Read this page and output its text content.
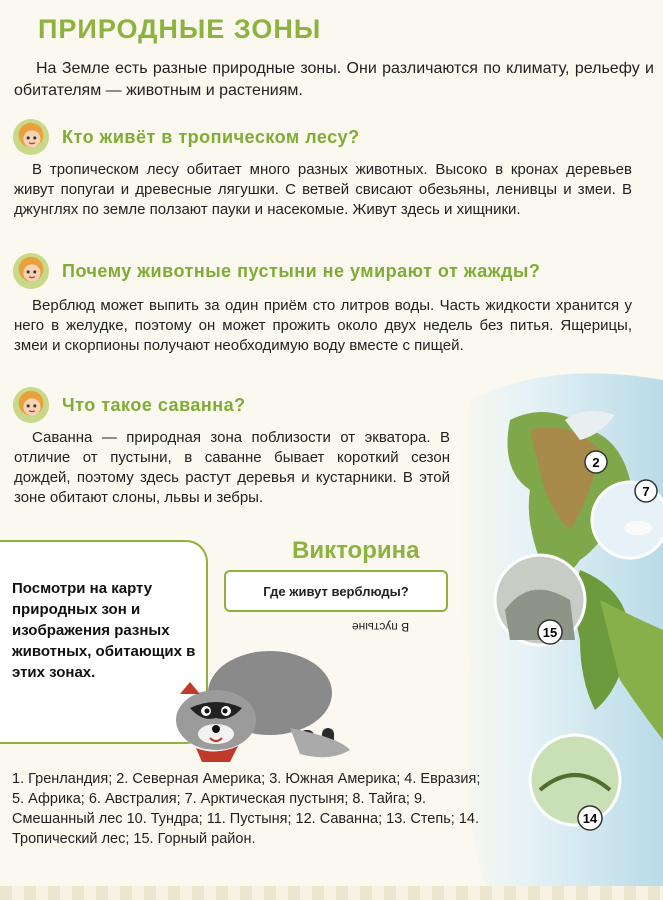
ПРИРОДНЫЕ ЗОНЫ
На Земле есть разные природные зоны. Они различаются по климату, рельефу и обитателям — животным и растениям.
Кто живёт в тропическом лесу?
В тропическом лесу обитает много разных животных. Высоко в кронах деревьев живут попугаи и древесные лягушки. С ветвей свисают обезьяны, ленивцы и змеи. В джунглях по земле ползают пауки и насекомые. Живут здесь и хищники.
Почему животные пустыни не умирают от жажды?
Верблюд может выпить за один приём сто литров воды. Часть жидкости хранится у него в желудке, поэтому он может прожить около двух недель без питья. Ящерицы, змеи и скорпионы получают необходимую воду вместе с пищей.
Что такое саванна?
Саванна — природная зона поблизости от экватора. В отличие от пустыни, в саванне бывает короткий сезон дождей, поэтому здесь растут деревья и кустарники. В этой зоне обитают слоны, львы и зебры.
2
7
15
14
Посмотри на карту природных зон и изображения разных животных, обитающих в этих зонах.
Викторина
Где живут верблюды?
В пустыне
1. Гренландия; 2. Северная Америка; 3. Южная Америка; 4. Евразия; 5. Африка; 6. Австралия; 7. Арктическая пустыня; 8. Тайга; 9. Смешанный лес 10. Тундра; 11. Пустыня; 12. Саванна; 13. Степь; 14. Тропический лес; 15. Горный район.
